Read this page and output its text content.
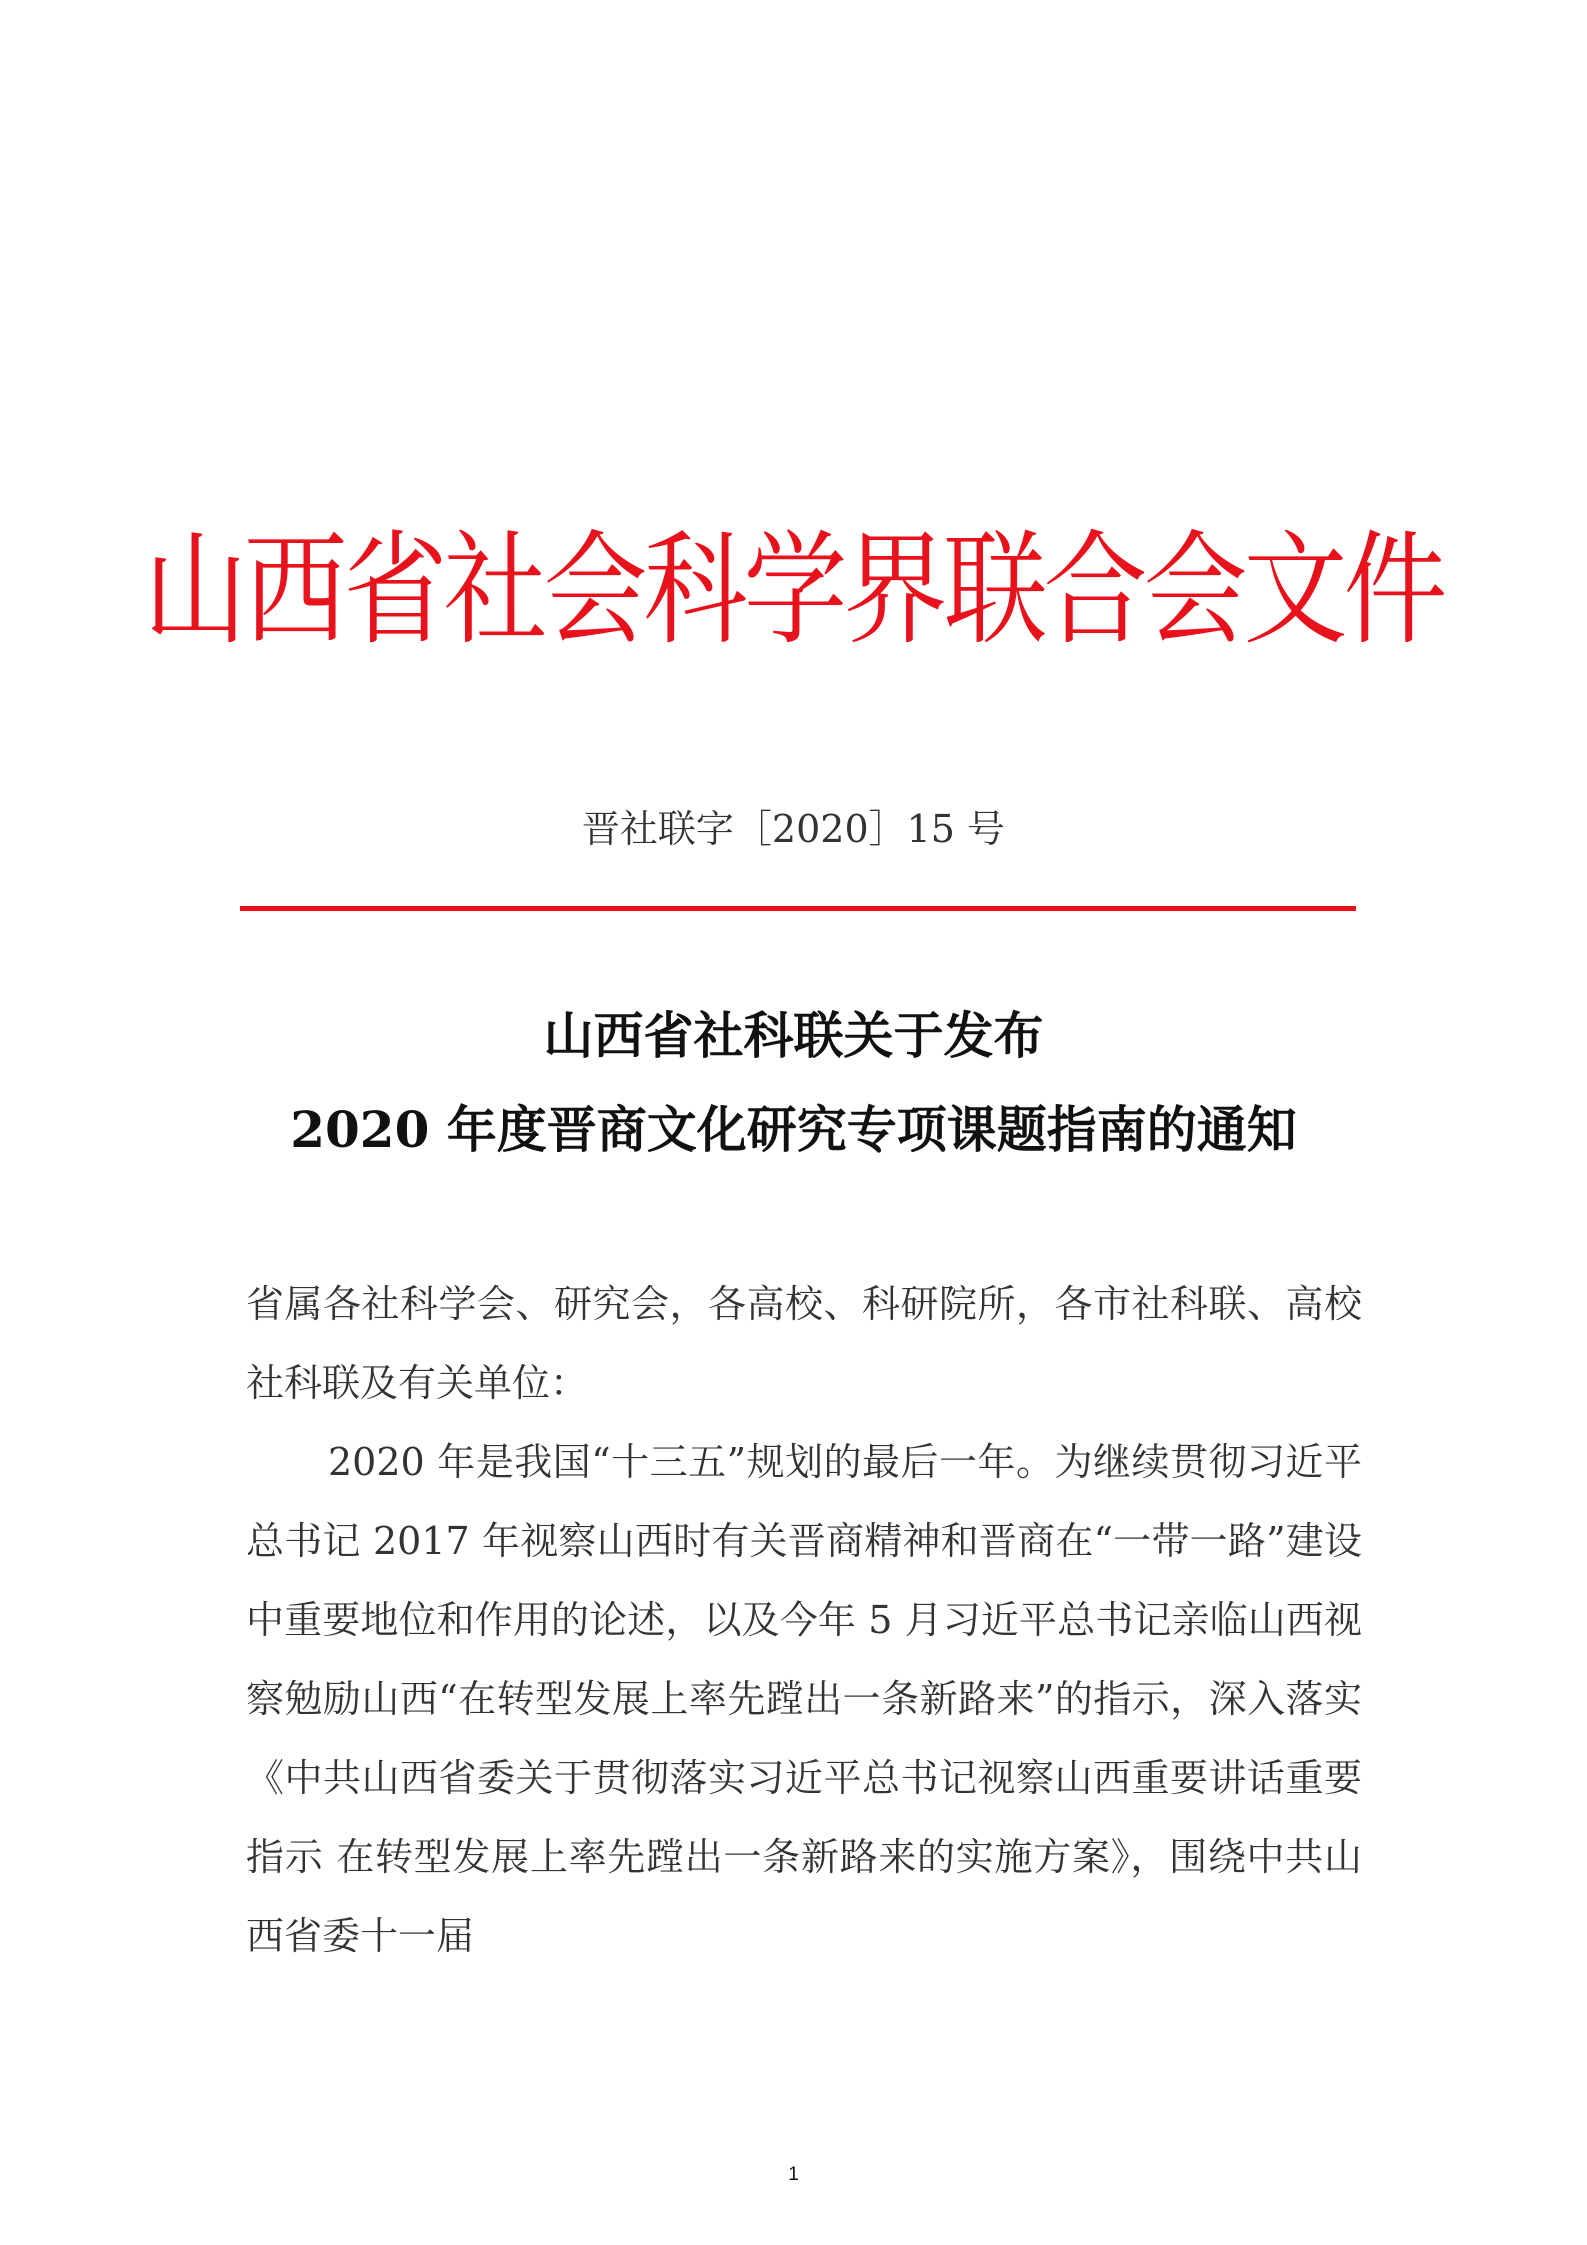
山西省社会科学界联合会文件
晋社联字［2020］15 号
山西省社科联关于发布
2020 年度晋商文化研究专项课题指南的通知

省属各社科学会、研究会，各高校、科研院所，各市社科联、高校社科联及有关单位：

2020 年是我国“十三五”规划的最后一年。为继续贯彻习近平总书记 2017 年视察山西时有关晋商精神和晋商在“一带一路”建设中重要地位和作用的论述，以及今年 5 月习近平总书记亲临山西视察勉励山西“在转型发展上率先蹚出一条新路来”的指示，深入落实《中共山西省委关于贯彻落实习近平总书记视察山西重要讲话重要指示 在转型发展上率先蹚出一条新路来的实施方案》，围绕中共山西省委十一届

1
